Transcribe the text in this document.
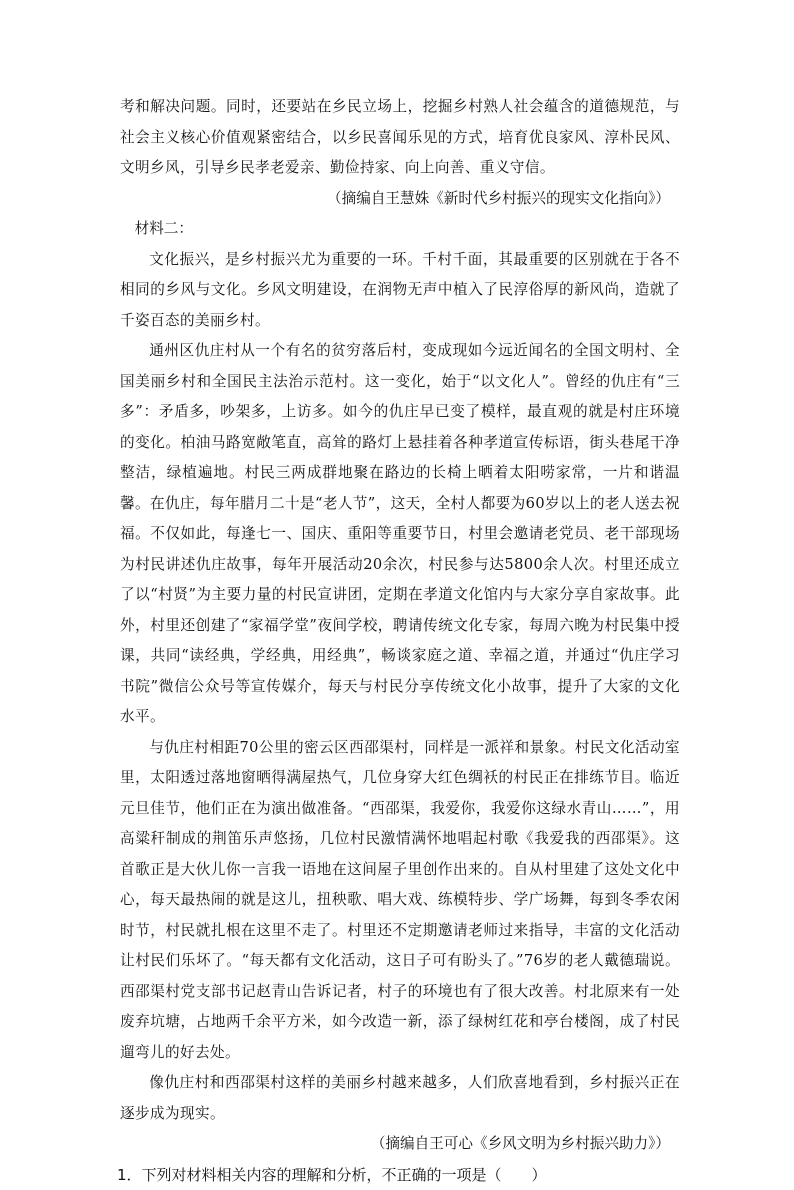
考和解决问题。同时，还要站在乡民立场上，挖掘乡村熟人社会蕴含的道德规范，与社会主义核心价值观紧密结合，以乡民喜闻乐见的方式，培育优良家风、淳朴民风、文明乡风，引导乡民孝老爱亲、勤俭持家、向上向善、重义守信。

（摘编自王慧姝《新时代乡村振兴的现实文化指向》）

材料二：

文化振兴，是乡村振兴尤为重要的一环。千村千面，其最重要的区别就在于各不相同的乡风与文化。乡风文明建设，在润物无声中植入了民淳俗厚的新风尚，造就了千姿百态的美丽乡村。

通州区仇庄村从一个有名的贫穷落后村，变成现如今远近闻名的全国文明村、全国美丽乡村和全国民主法治示范村。这一变化，始于“以文化人”。曾经的仇庄有“三多”：矛盾多，吵架多，上访多。如今的仇庄早已变了模样，最直观的就是村庄环境的变化。柏油马路宽敞笔直，高耸的路灯上悬挂着各种孝道宣传标语，街头巷尾干净整洁，绿植遍地。村民三两成群地聚在路边的长椅上晒着太阳唠家常，一片和谐温馨。在仇庄，每年腊月二十是“老人节”，这天，全村人都要为60岁以上的老人送去祝福。不仅如此，每逢七一、国庆、重阳等重要节日，村里会邀请老党员、老干部现场为村民讲述仇庄故事，每年开展活动20余次，村民参与达5800余人次。村里还成立了以“村贤”为主要力量的村民宣讲团，定期在孝道文化馆内与大家分享自家故事。此外，村里还创建了“家福学堂”夜间学校，聘请传统文化专家，每周六晚为村民集中授课，共同“读经典，学经典，用经典”，畅谈家庭之道、幸福之道，并通过“仇庄学习书院”微信公众号等宣传媒介，每天与村民分享传统文化小故事，提升了大家的文化水平。

与仇庄村相距70公里的密云区西邵渠村，同样是一派祥和景象。村民文化活动室里，太阳透过落地窗晒得满屋热气，几位身穿大红色绸袄的村民正在排练节目。临近元旦佳节，他们正在为演出做准备。“西邵渠，我爱你，我爱你这绿水青山……”，用高粱秆制成的荆笛乐声悠扬，几位村民激情满怀地唱起村歌《我爱我的西邵渠》。这首歌正是大伙儿你一言我一语地在这间屋子里创作出来的。自从村里建了这处文化中心，每天最热闹的就是这儿，扭秧歌、唱大戏、练模特步、学广场舞，每到冬季农闲时节，村民就扎根在这里不走了。村里还不定期邀请老师过来指导，丰富的文化活动让村民们乐坏了。“每天都有文化活动，这日子可有盼头了。”76岁的老人戴德瑞说。西邵渠村党支部书记赵青山告诉记者，村子的环境也有了很大改善。村北原来有一处废弃坑塘，占地两千余平方米，如今改造一新，添了绿树红花和亭台楼阁，成了村民遛弯儿的好去处。

像仇庄村和西邵渠村这样的美丽乡村越来越多，人们欣喜地看到，乡村振兴正在逐步成为现实。

（摘编自王可心《乡风文明为乡村振兴助力》）

1．下列对材料相关内容的理解和分析，不正确的一项是（　　）
